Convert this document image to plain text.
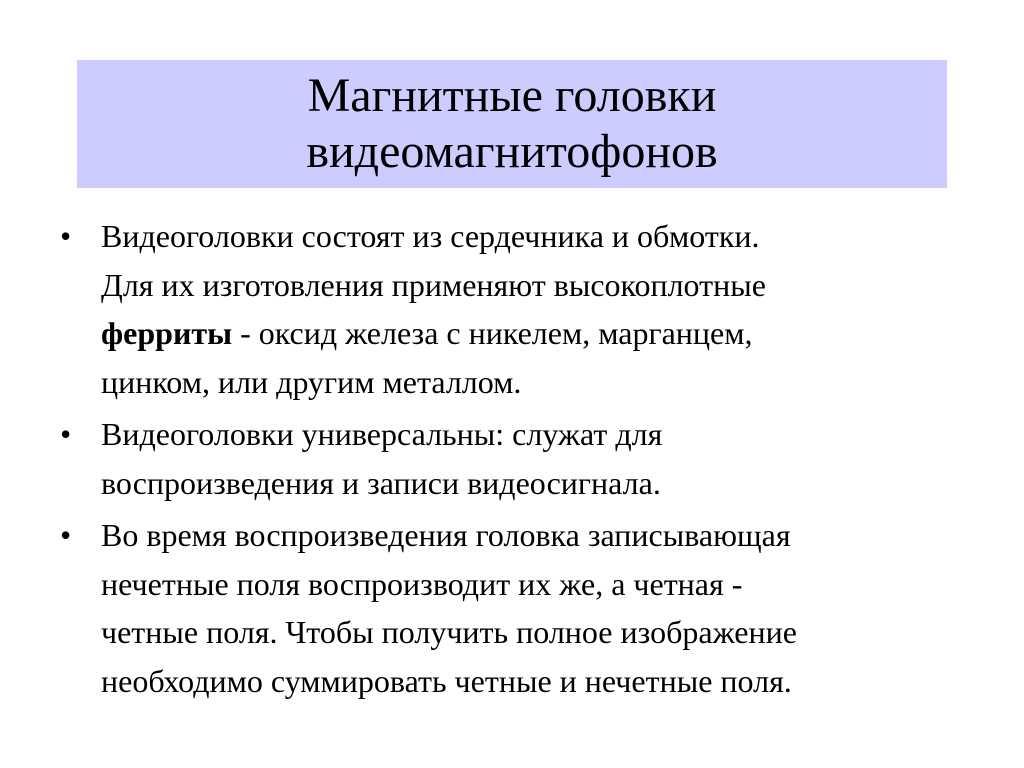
Магнитные головки
видеомагнитофонов
• Видеоголовки состоят из сердечника и обмотки.
Для их изготовления применяют высокоплотные
ферриты - оксид железа с никелем, марганцем,
цинком, или другим металлом.
• Видеоголовки универсальны: служат для
воспроизведения и записи видеосигнала.
• Во время воспроизведения головка записывающая
нечетные поля воспроизводит их же, а четная -
четные поля. Чтобы получить полное изображение
необходимо суммировать четные и нечетные поля.
